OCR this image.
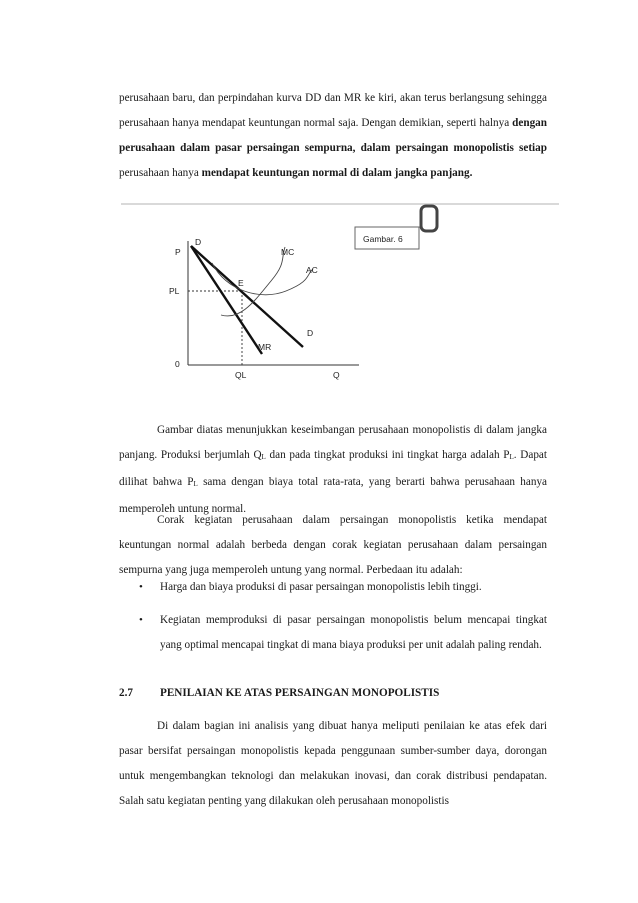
perusahaan baru, dan perpindahan kurva DD dan MR ke kiri, akan terus berlangsung sehingga perusahaan hanya mendapat keuntungan normal saja. Dengan demikian, seperti halnya dengan perusahaan dalam pasar persaingan sempurna, dalam persaingan monopolistis setiap perusahaan hanya mendapat keuntungan normal di dalam jangka panjang.

Gambar. 6
P
PL
0
QL	Q
D
MC
AC
E
D
MR

Gambar diatas menunjukkan keseimbangan perusahaan monopolistis di dalam jangka panjang. Produksi berjumlah $Q_L$ dan pada tingkat produksi ini tingkat harga adalah $P_L$. Dapat dilihat bahwa $P_L$ sama dengan biaya total rata-rata, yang berarti bahwa perusahaan hanya memperoleh untung normal.

Corak kegiatan perusahaan dalam persaingan monopolistis ketika mendapat keuntungan normal adalah berbeda dengan corak kegiatan perusahaan dalam persaingan sempurna yang juga memperoleh untung yang normal. Perbedaan itu adalah:

• Harga dan biaya produksi di pasar persaingan monopolistis lebih tinggi.
• Kegiatan memproduksi di pasar persaingan monopolistis belum mencapai tingkat yang optimal mencapai tingkat di mana biaya produksi per unit adalah paling rendah.
2.7 PENILAIAN KE ATAS PERSAINGAN MONOPOLISTIS

Di dalam bagian ini analisis yang dibuat hanya meliputi penilaian ke atas efek dari pasar bersifat persaingan monopolistis kepada penggunaan sumber-sumber daya, dorongan untuk mengembangkan teknologi dan melakukan inovasi, dan corak distribusi pendapatan. Salah satu kegiatan penting yang dilakukan oleh perusahaan monopolistis
